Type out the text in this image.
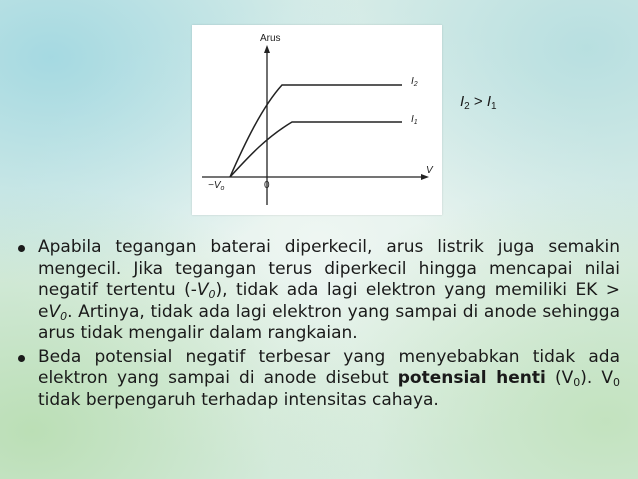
Arus
V
0
$-V_o$
$I_2$
$I_1$
$I_2 > I_1$
Apabila tegangan baterai diperkecil, arus listrik juga semakin mengecil. Jika tegangan terus diperkecil hingga mencapai nilai negatif tertentu $(-V_0)$, tidak ada lagi elektron yang memiliki EK > $eV_0$. Artinya, tidak ada lagi elektron yang sampai di anode sehingga arus tidak mengalir dalam rangkaian.
Beda potensial negatif terbesar yang menyebabkan tidak ada elektron yang sampai di anode disebut potensial henti $(V_0)$. $V_0$ tidak berpengaruh terhadap intensitas cahaya.
